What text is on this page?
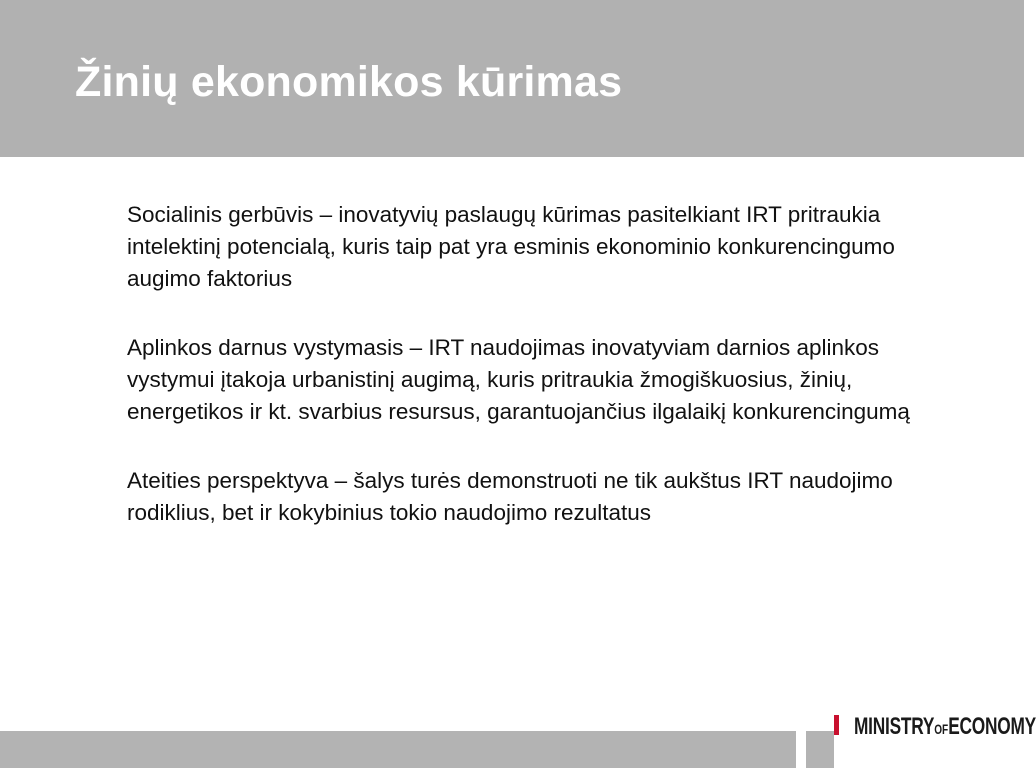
Žinių ekonomikos kūrimas

Socialinis gerbūvis – inovatyvių paslaugų kūrimas pasitelkiant IRT pritraukia intelektinį potencialą, kuris taip pat yra esminis ekonominio konkurencingumo augimo faktorius

Aplinkos darnus vystymasis – IRT naudojimas inovatyviam darnios aplinkos vystymui įtakoja urbanistinį augimą, kuris pritraukia žmogiškuosius, žinių, energetikos ir kt. svarbius resursus, garantuojančius ilgalaikį konkurencingumą

Ateities perspektyva – šalys turės demonstruoti ne tik aukštus IRT naudojimo rodiklius, bet ir kokybinius tokio naudojimo rezultatus

MINISTRYOFECONOMY
